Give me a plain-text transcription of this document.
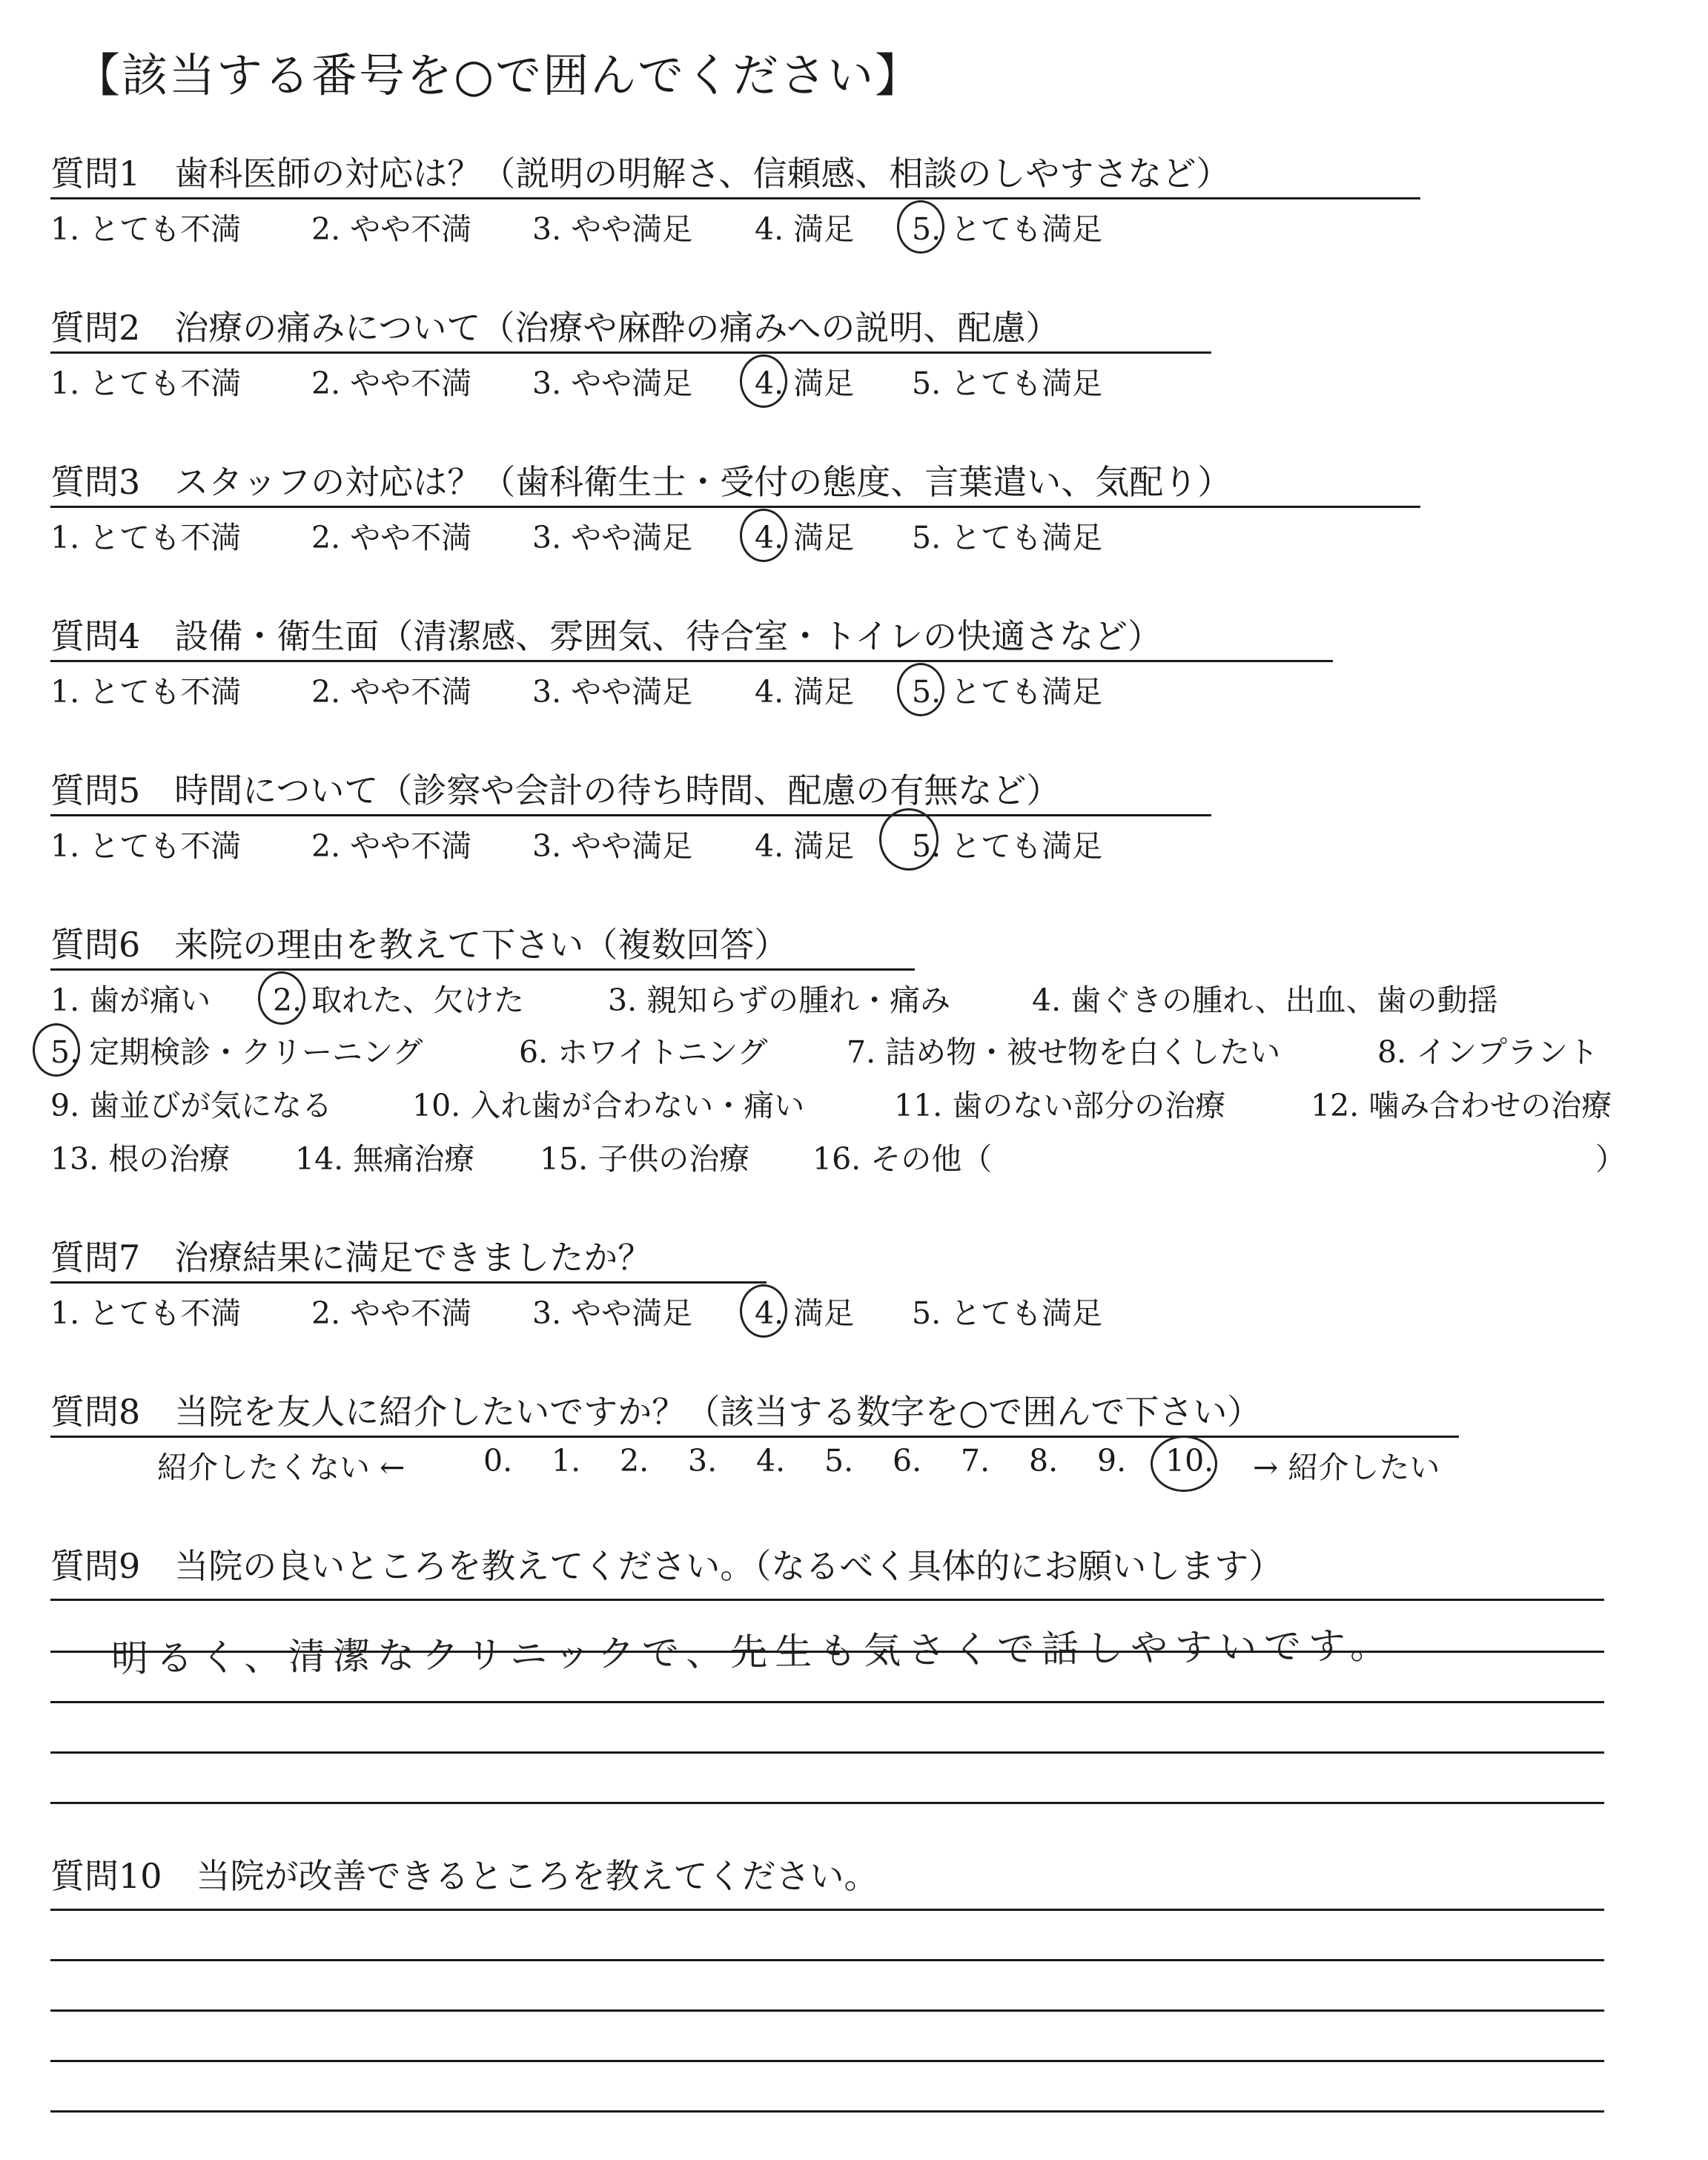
【該当する番号を○で囲んでください】
質問1　歯科医師の対応は？（説明の明解さ、信頼感、相談のしやすさなど）
1. とても不満 2. やや不満 3. やや満足 4. 満足 5. とても満足
質問2　治療の痛みについて（治療や麻酔の痛みへの説明、配慮）
1. とても不満 2. やや不満 3. やや満足 4. 満足 5. とても満足
質問3　スタッフの対応は？（歯科衛生士・受付の態度、言葉遣い、気配り）
1. とても不満 2. やや不満 3. やや満足 4. 満足 5. とても満足
質問4　設備・衛生面（清潔感、雰囲気、待合室・トイレの快適さなど）
1. とても不満 2. やや不満 3. やや満足 4. 満足 5. とても満足
質問5　時間について（診察や会計の待ち時間、配慮の有無など）
1. とても不満 2. やや不満 3. やや満足 4. 満足 5. とても満足
質問6　来院の理由を教えて下さい（複数回答）
1. 歯が痛い 2. 取れた、欠けた	3. 親知らずの腫れ・痛み	4. 歯ぐきの腫れ、出血、歯の動揺
5. 定期検診・クリーニング	6. ホワイトニング	7. 詰め物・被せ物を白くしたい	8. インプラント
9. 歯並びが気になる	10. 入れ歯が合わない・痛い	11. 歯のない部分の治療	12. 噛み合わせの治療
13. 根の治療 14. 無痛治療 15. 子供の治療 16. その他（	）
質問7　治療結果に満足できましたか？
1. とても不満 2. やや不満 3. やや満足 4. 満足 5. とても満足
質問8　当院を友人に紹介したいですか？（該当する数字を○で囲んで下さい）
紹介したくない ←	0. 1. 2. 3. 4. 5. 6. 7. 8. 9. 10. → 紹介したい
質問9　当院の良いところを教えてください。（なるべく具体的にお願いします）
明るく、清潔なクリニックで、先生も気さくで話しやすいです。
質問10　当院が改善できるところを教えてください。
